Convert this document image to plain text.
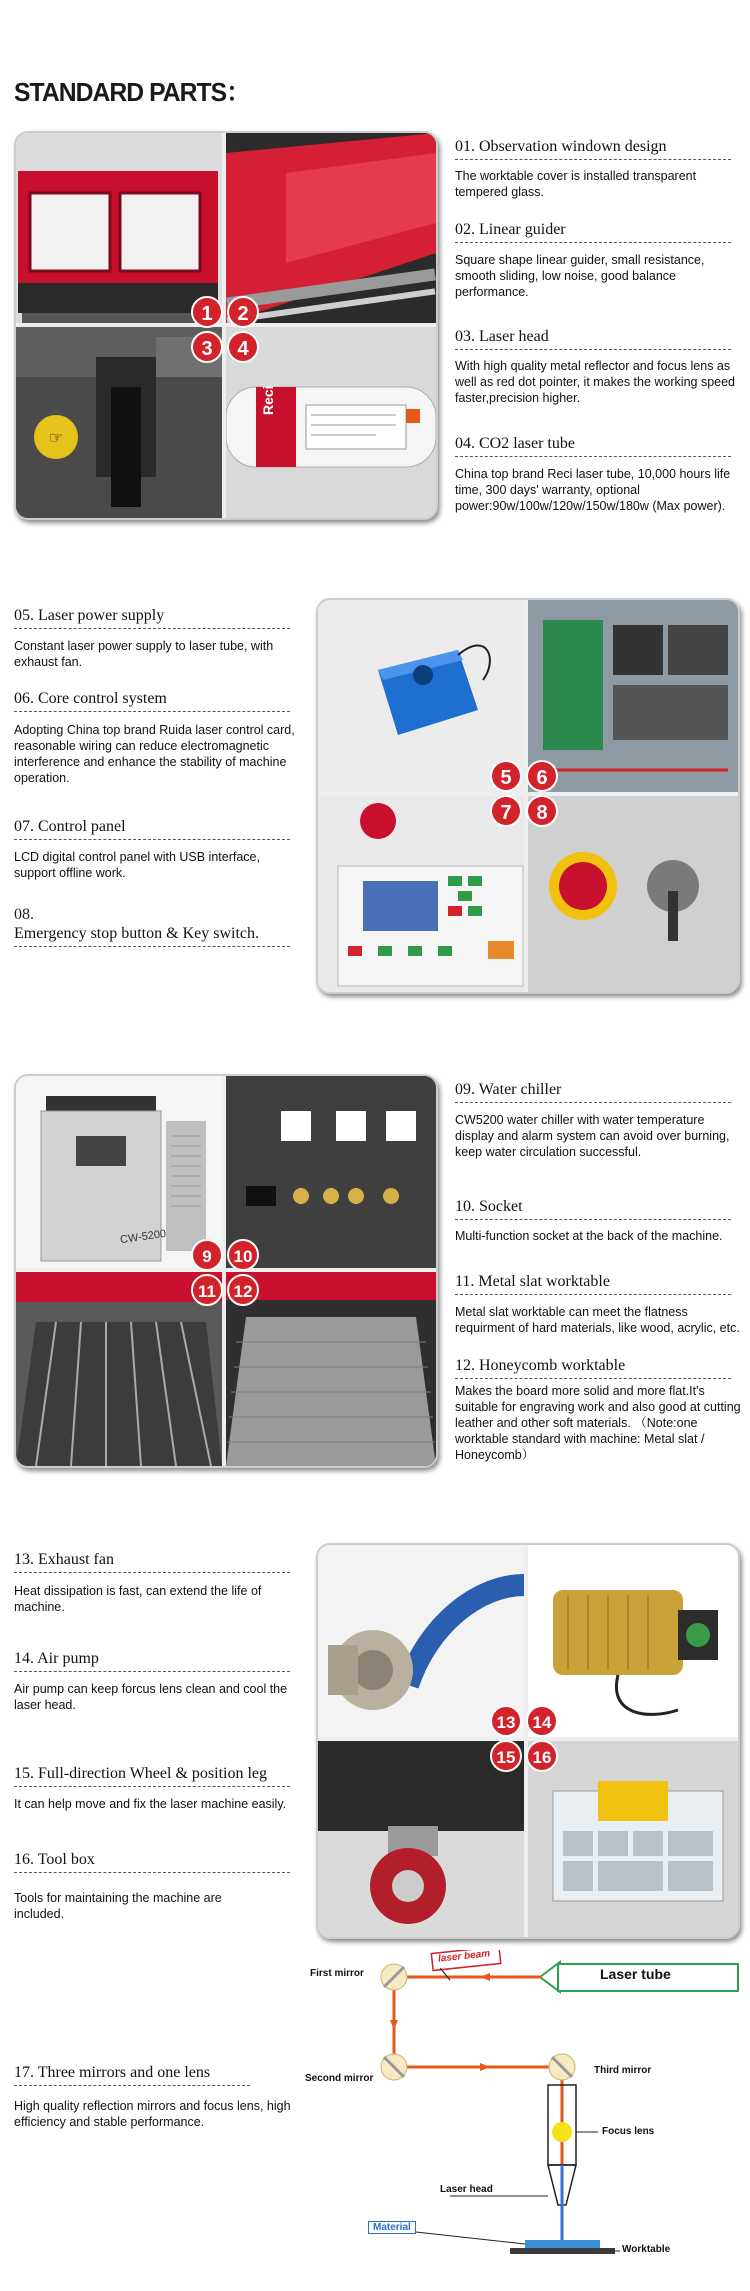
STANDARD PARTS：
☞
Reci
1	2
3	4
01. Observation windown design
The worktable cover is installed transparent tempered glass.
02. Linear guider
Square shape linear guider, small resistance, smooth sliding, low noise, good balance performance.
03. Laser head
With high quality metal reflector and focus lens as well as red dot pointer, it makes the working speed faster,precision higher.
04. CO2 laser tube
China top brand Reci laser tube, 10,000 hours life time, 300 days' warranty, optional power:90w/100w/120w/150w/180w (Max power).
05. Laser power supply
Constant laser power supply to laser tube, with exhaust fan.
06. Core control system
Adopting China top brand Ruida laser control card, reasonable wiring can reduce electromagnetic interference and enhance the stability of machine operation.
07. Control panel
LCD digital control panel with USB interface, support offline work.
08.
Emergency stop button & Key switch.
5	6
7	8
CW-5200
9	10
11	12
09. Water chiller
CW5200 water chiller with water temperature display and alarm system can avoid over burning, keep water circulation successful.
10. Socket
Multi-function socket at the back of the machine.
11. Metal slat worktable
Metal slat worktable can meet the flatness requirment of hard materials, like wood, acrylic, etc.
12. Honeycomb worktable
Makes the board more solid and more flat.It's suitable for engraving work and also good at cutting leather and other soft materials. （Note:one worktable standard with machine: Metal slat / Honeycomb）
13. Exhaust fan
Heat dissipation is fast, can extend the life of machine.
14. Air pump
Air pump can keep forcus lens clean and cool the laser head.
15. Full-direction Wheel & position leg
It can help move and fix the laser machine easily.
16. Tool box
Tools for maintaining the machine are included.
13	14
15	16
17. Three mirrors and one lens
High quality reflection mirrors and focus lens, high efficiency and stable performance.
Laser tube
laser beam
First mirror
Second mirror
Third mirror
Focus lens
Laser head
Material
Worktable
